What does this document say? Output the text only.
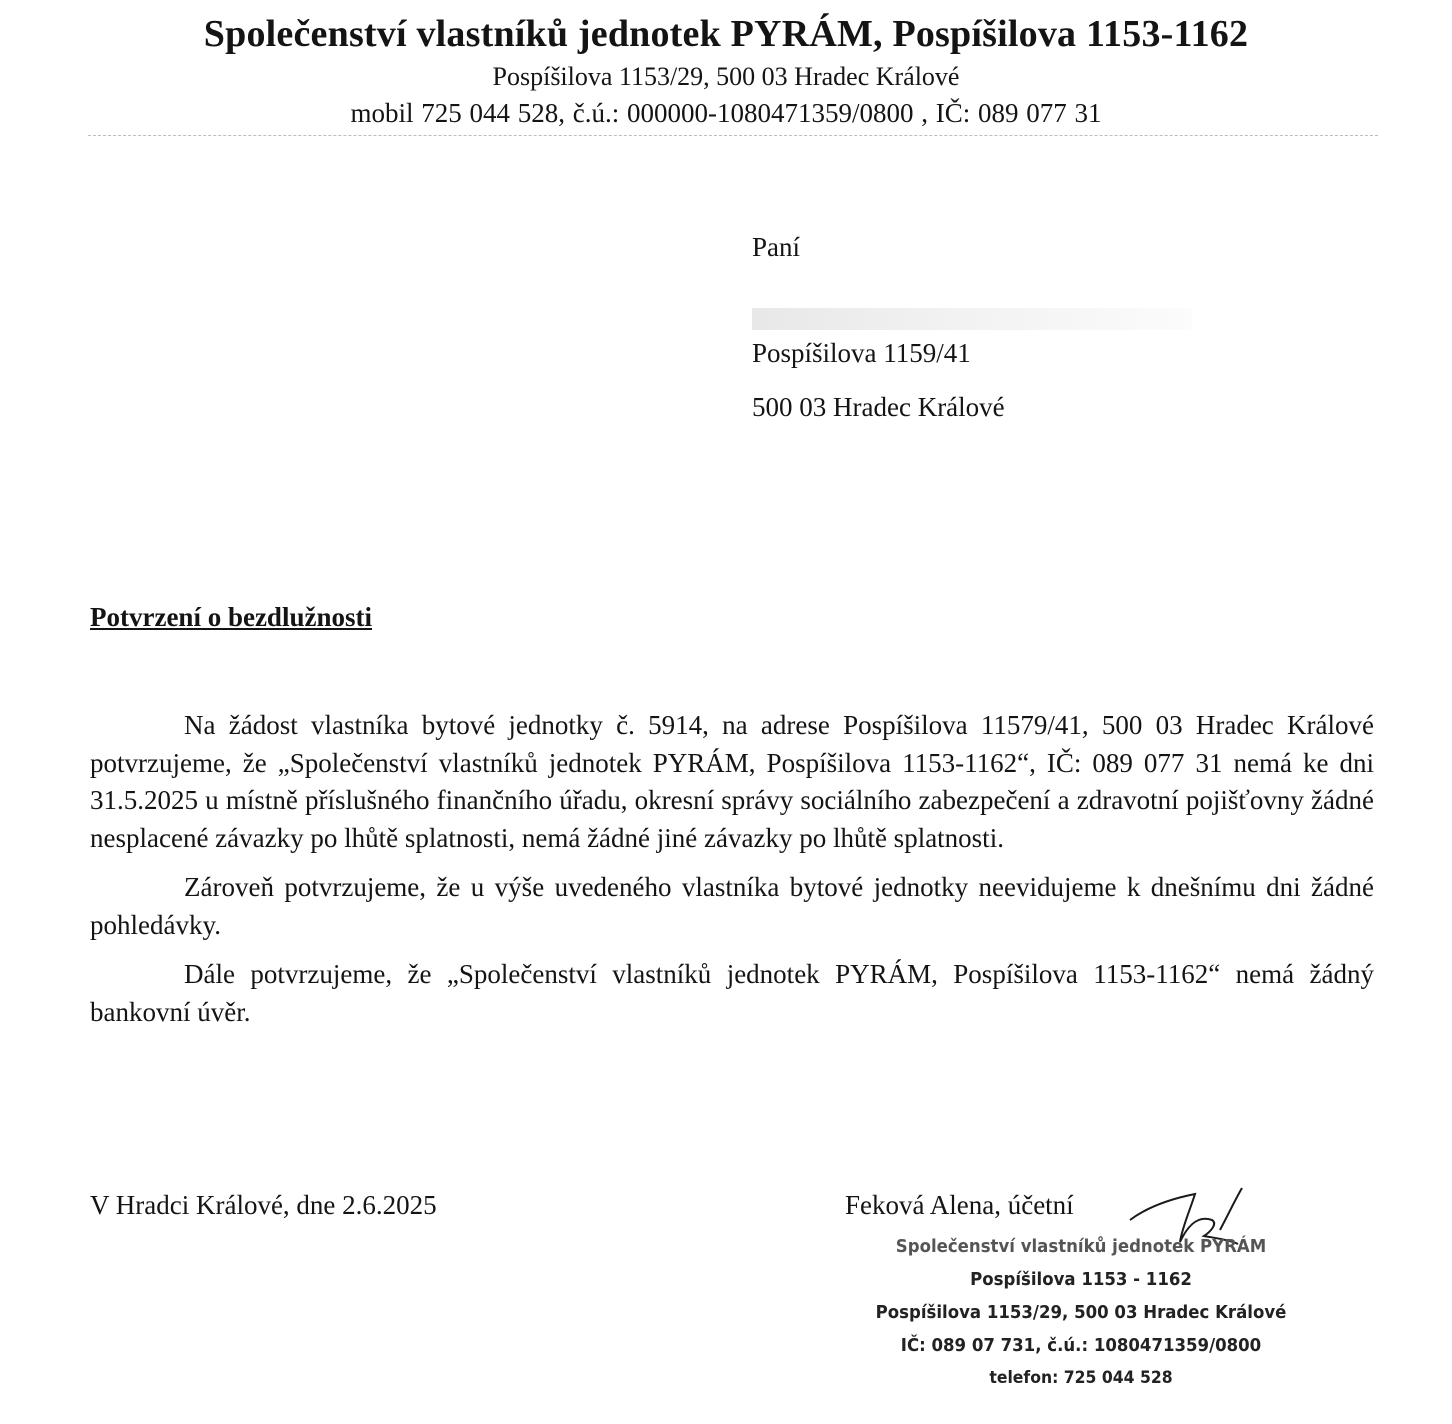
Společenství vlastníků jednotek PYRÁM, Pospíšilova 1153-1162
Pospíšilova 1153/29, 500 03 Hradec Králové
mobil 725 044 528, č.ú.: 000000-1080471359/0800 , IČ: 089 077 31
Paní
Pospíšilova 1159/41
500 03 Hradec Králové
Potvrzení o bezdlužnosti

Na žádost vlastníka bytové jednotky č. 5914, na adrese Pospíšilova 11579/41, 500 03 Hradec Králové potvrzujeme, že „Společenství vlastníků jednotek PYRÁM, Pospíšilova 1153-1162“, IČ: 089 077 31 nemá ke dni 31.5.2025 u místně příslušného finančního úřadu, okresní správy sociálního zabezpečení a zdravotní pojišťovny žádné nesplacené závazky po lhůtě splatnosti, nemá žádné jiné závazky po lhůtě splatnosti.

Zároveň potvrzujeme, že u výše uvedeného vlastníka bytové jednotky neevidujeme k dnešnímu dni žádné pohledávky.

Dále potvrzujeme, že „Společenství vlastníků jednotek PYRÁM, Pospíšilova 1153-1162“ nemá žádný bankovní úvěr.

V Hradci Králové, dne 2.6.2025	Feková Alena, účetní
Společenství vlastníků jednotek PYRÁM
Pospíšilova 1153 - 1162
Pospíšilova 1153/29, 500 03 Hradec Králové
IČ: 089 07 731, č.ú.: 1080471359/0800
telefon: 725 044 528
